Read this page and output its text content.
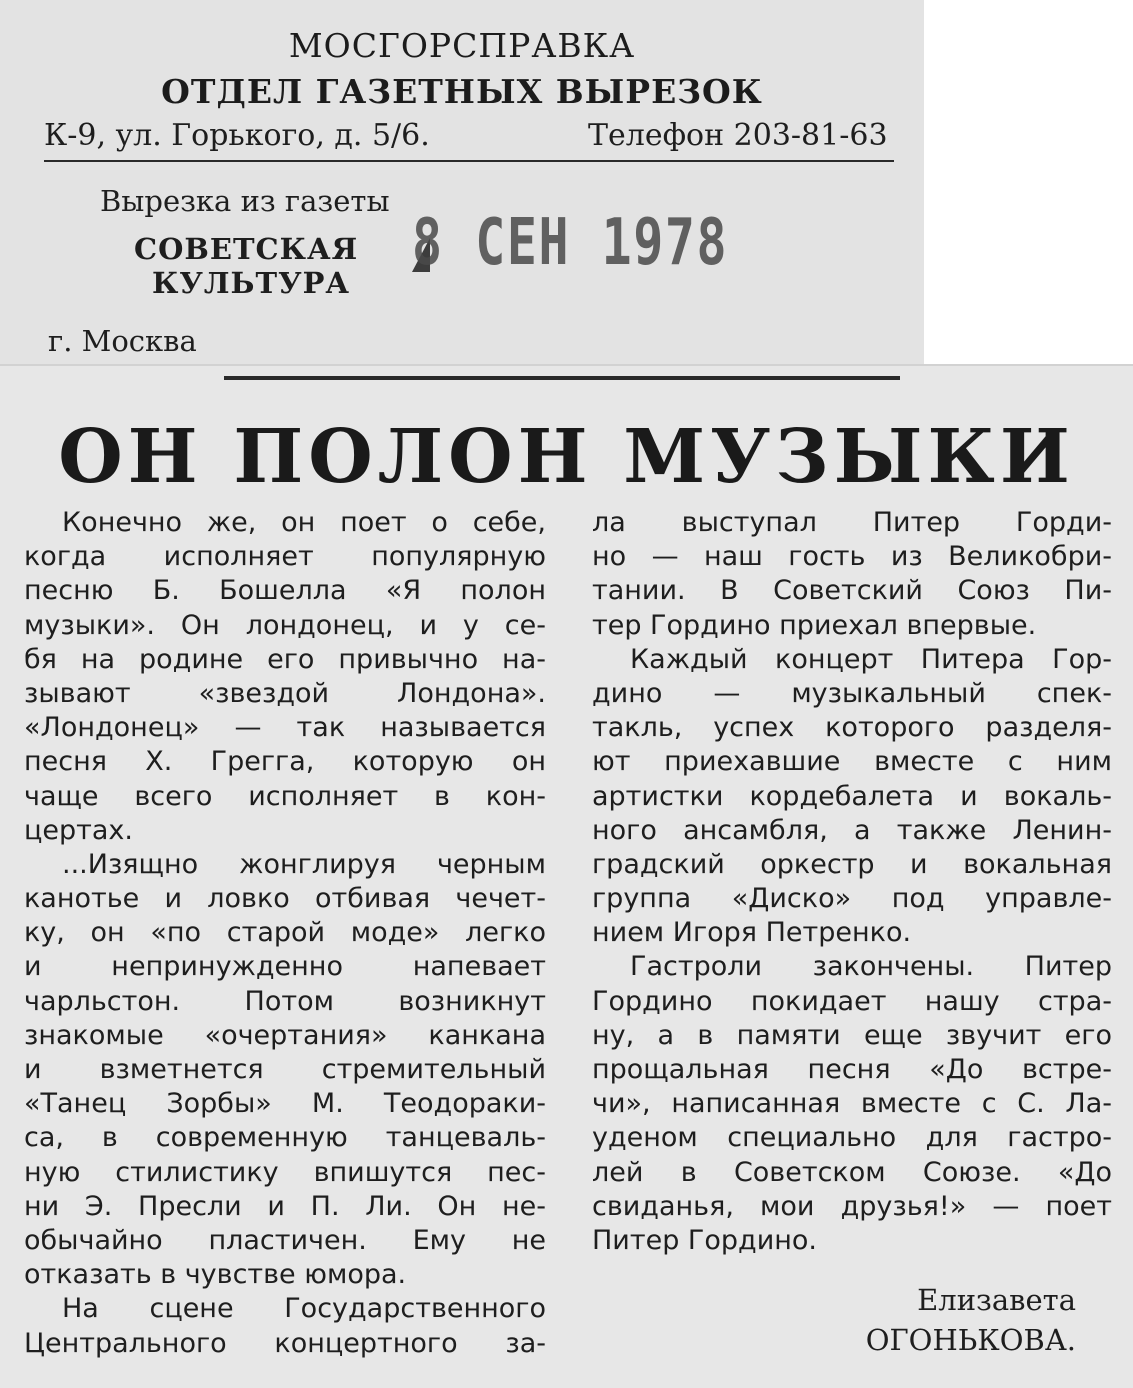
МОСГОРСПРАВКА
ОТДЕЛ ГАЗЕТНЫХ ВЫРЕЗОК
К-9, ул. Горького, д. 5/6.	Телефон 203-81-63
Вырезка из газеты
СОВЕТСКАЯ
КУЛЬТУРА
8 СЕН 1978
г. Москва
ОН ПОЛОН МУЗЫКИ
Конечно же, он поет о себе,
когда исполняет популярную
песню Б. Бошелла «Я полон
музыки». Он лондонец, и у се-
бя на родине его привычно на-
зывают «звездой Лондона».
«Лондонец» — так называется
песня Х. Грегга, которую он
чаще всего исполняет в кон-
цертах.
...Изящно жонглируя черным
канотье и ловко отбивая чечет-
ку, он «по старой моде» легко
и непринужденно напевает
чарльстон. Потом возникнут
знакомые «очертания» канкана
и взметнется стремительный
«Танец Зорбы» М. Теодораки-
са, в современную танцеваль-
ную стилистику впишутся пес-
ни Э. Пресли и П. Ли. Он не-
обычайно пластичен. Ему не
отказать в чувстве юмора.
На сцене Государственного
Центрального концертного за-
ла выступал Питер Горди-
но — наш гость из Великобри-
тании. В Советский Союз Пи-
тер Гордино приехал впервые.
Каждый концерт Питера Гор-
дино — музыкальный спек-
такль, успех которого разделя-
ют приехавшие вместе с ним
артистки кордебалета и вокаль-
ного ансамбля, а также Ленин-
градский оркестр и вокальная
группа «Диско» под управле-
нием Игоря Петренко.
Гастроли закончены. Питер
Гордино покидает нашу стра-
ну, а в памяти еще звучит его
прощальная песня «До встре-
чи», написанная вместе с С. Ла-
уденом специально для гастро-
лей в Советском Союзе. «До
свиданья, мои друзья!» — поет
Питер Гордино.
Елизавета
ОГОНЬКОВА.
